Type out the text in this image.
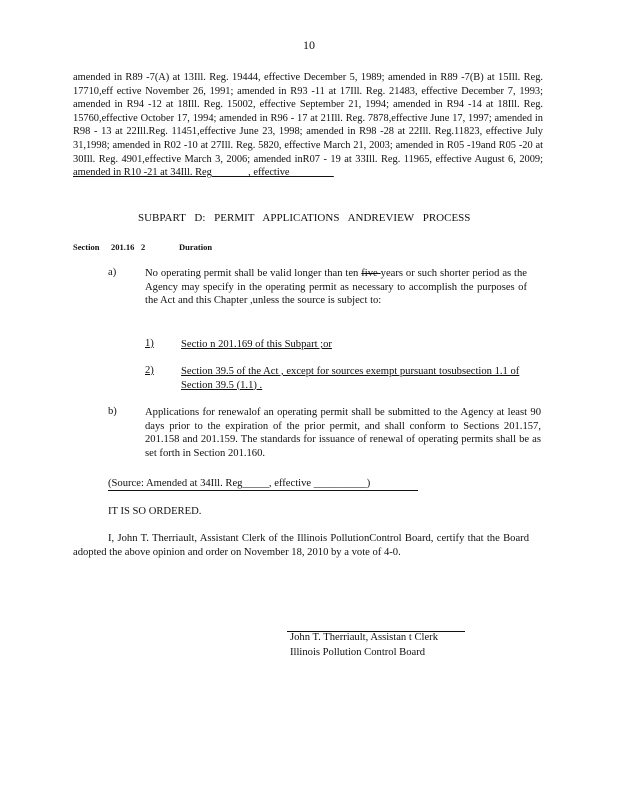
10
amended in R89 -7(A) at 13Ill. Reg. 19444, effective December 5, 1989; amended in R89 -7(B) at 15Ill. Reg. 17710,eff ective November 26, 1991; amended in R93 -11 at 17Ill. Reg. 21483, effective December 7, 1993; amended in R94 -12 at 18Ill. Reg. 15002, effective September 21, 1994; amended in R94 -14 at 18Ill. Reg. 15760,effective October 17, 1994; amended in R96 - 17 at 21Ill. Reg. 7878,effective June 17, 1997; amended in R98 - 13 at 22Ill.Reg. 11451,effective June 23, 1998; amended in R98 -28 at 22Ill. Reg.11823, effective July 31,1998; amended in R02 -10 at 27Ill. Reg. 5820, effective March 21, 2003; amended in R05 -19and R05 -20 at 30Ill. Reg. 4901,effective March 3, 2006; amended inR07 - 19 at 33Ill. Reg. 11965, effective August 6, 2009; amended in R10 -21 at 34Ill. Reg_______, effective ________
SUBPART D: PERMIT APPLICATIONS ANDREVIEW PROCESS
Section 201.16 2	Duration
a)	No operating permit shall be valid longer than ten five years or such shorter period as the Agency may specify in the operating permit as necessary to accomplish the purposes of the Act and this Chapter ,unless the source is subject to:
1)	Sectio n 201.169 of this Subpart ;or
2)	Section 39.5 of the Act , except for sources exempt pursuant tosubsection 1.1 of Section 39.5 (1.1) .
b)	Applications for renewalof an operating permit shall be submitted to the Agency at least 90 days prior to the expiration of the prior permit, and shall conform to Sections 201.157, 201.158 and 201.159. The standards for issuance of renewal of operating permits shall be as set forth in Section 201.160.
(Source: Amended at 34Ill. Reg_____, effective __________)
IT IS SO ORDERED.
I, John T. Therriault, Assistant Clerk of the Illinois PollutionControl Board, certify that the Board adopted the above opinion and order on November 18, 2010 by a vote of 4-0.
John T. Therriault, Assistan t Clerk
Illinois Pollution Control Board
